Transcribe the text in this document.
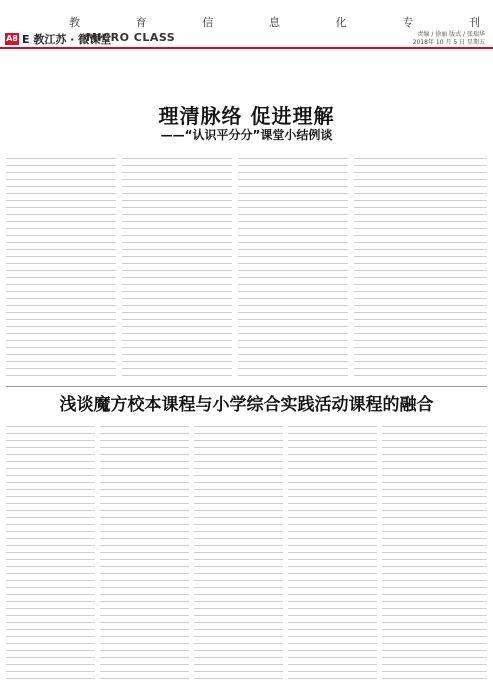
教	育	信	息	化	专	刊
A8 E 教江苏 · 微课堂
MICRO CLASS	责编 / 徐丽 版式 / 张瑞华
2018年 10 月 5 日 星期五
理清脉络 促进理解
——“认识平分分”课堂小结例谈
浅谈魔方校本课程与小学综合实践活动课程的融合
